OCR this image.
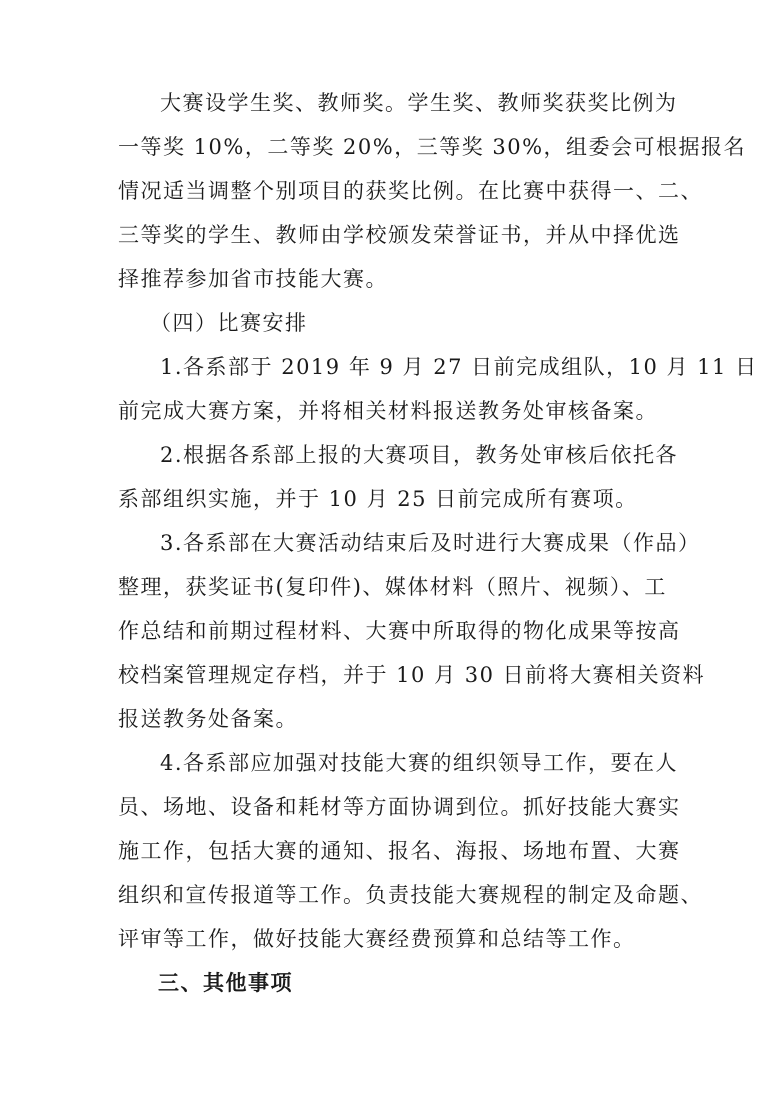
大赛设学生奖、教师奖。学生奖、教师奖获奖比例为
一等奖 10%，二等奖 20%，三等奖 30%，组委会可根据报名
情况适当调整个别项目的获奖比例。在比赛中获得一、二、
三等奖的学生、教师由学校颁发荣誉证书，并从中择优选
择推荐参加省市技能大赛。
（四）比赛安排
1.各系部于 2019 年 9 月 27 日前完成组队，10 月 11 日
前完成大赛方案，并将相关材料报送教务处审核备案。
2.根据各系部上报的大赛项目，教务处审核后依托各
系部组织实施，并于 10 月 25 日前完成所有赛项。
3.各系部在大赛活动结束后及时进行大赛成果（作品）
整理，获奖证书(复印件)、媒体材料（照片、视频）、工
作总结和前期过程材料、大赛中所取得的物化成果等按高
校档案管理规定存档，并于 10 月 30 日前将大赛相关资料
报送教务处备案。
4.各系部应加强对技能大赛的组织领导工作，要在人
员、场地、设备和耗材等方面协调到位。抓好技能大赛实
施工作，包括大赛的通知、报名、海报、场地布置、大赛
组织和宣传报道等工作。负责技能大赛规程的制定及命题、
评审等工作，做好技能大赛经费预算和总结等工作。
三、其他事项
